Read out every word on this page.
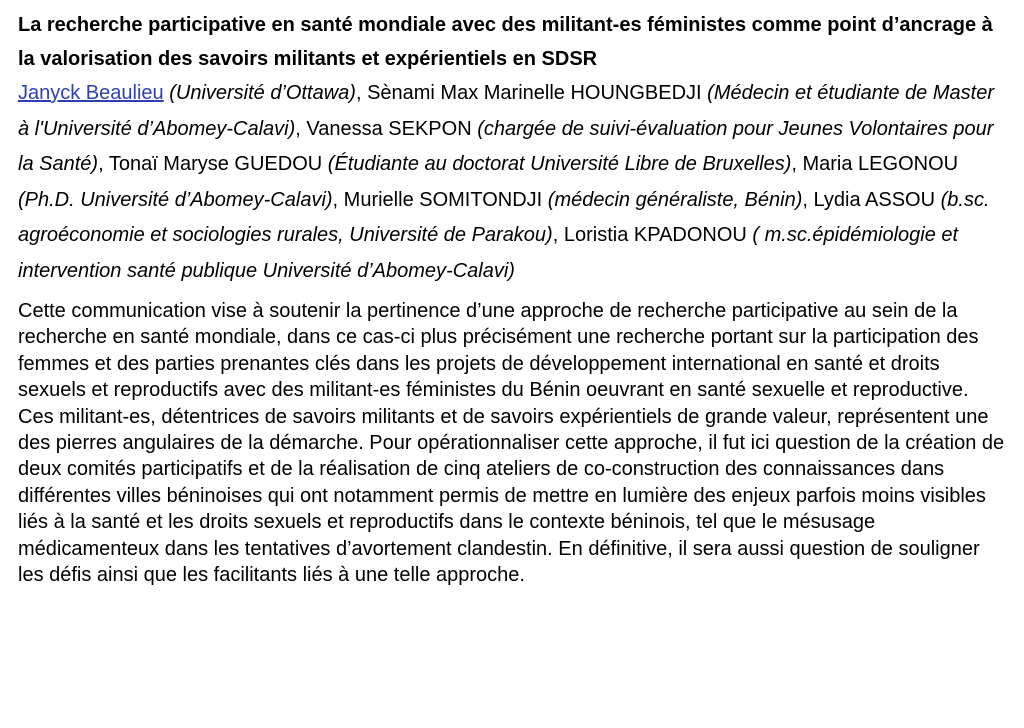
La recherche participative en santé mondiale avec des militant-es féministes comme point d’ancrage à la valorisation des savoirs militants et expérientiels en SDSR

Janyck Beaulieu (Université d’Ottawa), Sènami Max Marinelle HOUNGBEDJI (Médecin et étudiante de Master à l'Université d’Abomey-Calavi), Vanessa SEKPON (chargée de suivi-évaluation pour Jeunes Volontaires pour la Santé), Tonaï Maryse GUEDOU (Étudiante au doctorat Université Libre de Bruxelles), Maria LEGONOU (Ph.D. Université d’Abomey-Calavi), Murielle SOMITONDJI (médecin généraliste, Bénin), Lydia ASSOU (b.sc. agroéconomie et sociologies rurales, Université de Parakou), Loristia KPADONOU ( m.sc.épidémiologie et intervention santé publique Université d’Abomey-Calavi)

Cette communication vise à soutenir la pertinence d’une approche de recherche participative au sein de la recherche en santé mondiale, dans ce cas-ci plus précisément une recherche portant sur la participation des femmes et des parties prenantes clés dans les projets de développement international en santé et droits sexuels et reproductifs avec des militant-es féministes du Bénin oeuvrant en santé sexuelle et reproductive. Ces militant-es, détentrices de savoirs militants et de savoirs expérientiels de grande valeur, représentent une des pierres angulaires de la démarche. Pour opérationnaliser cette approche, il fut ici question de la création de deux comités participatifs et de la réalisation de cinq ateliers de co-construction des connaissances dans différentes villes béninoises qui ont notamment permis de mettre en lumière des enjeux parfois moins visibles liés à la santé et les droits sexuels et reproductifs dans le contexte béninois, tel que le mésusage médicamenteux dans les tentatives d’avortement clandestin. En définitive, il sera aussi question de souligner les défis ainsi que les facilitants liés à une telle approche.
